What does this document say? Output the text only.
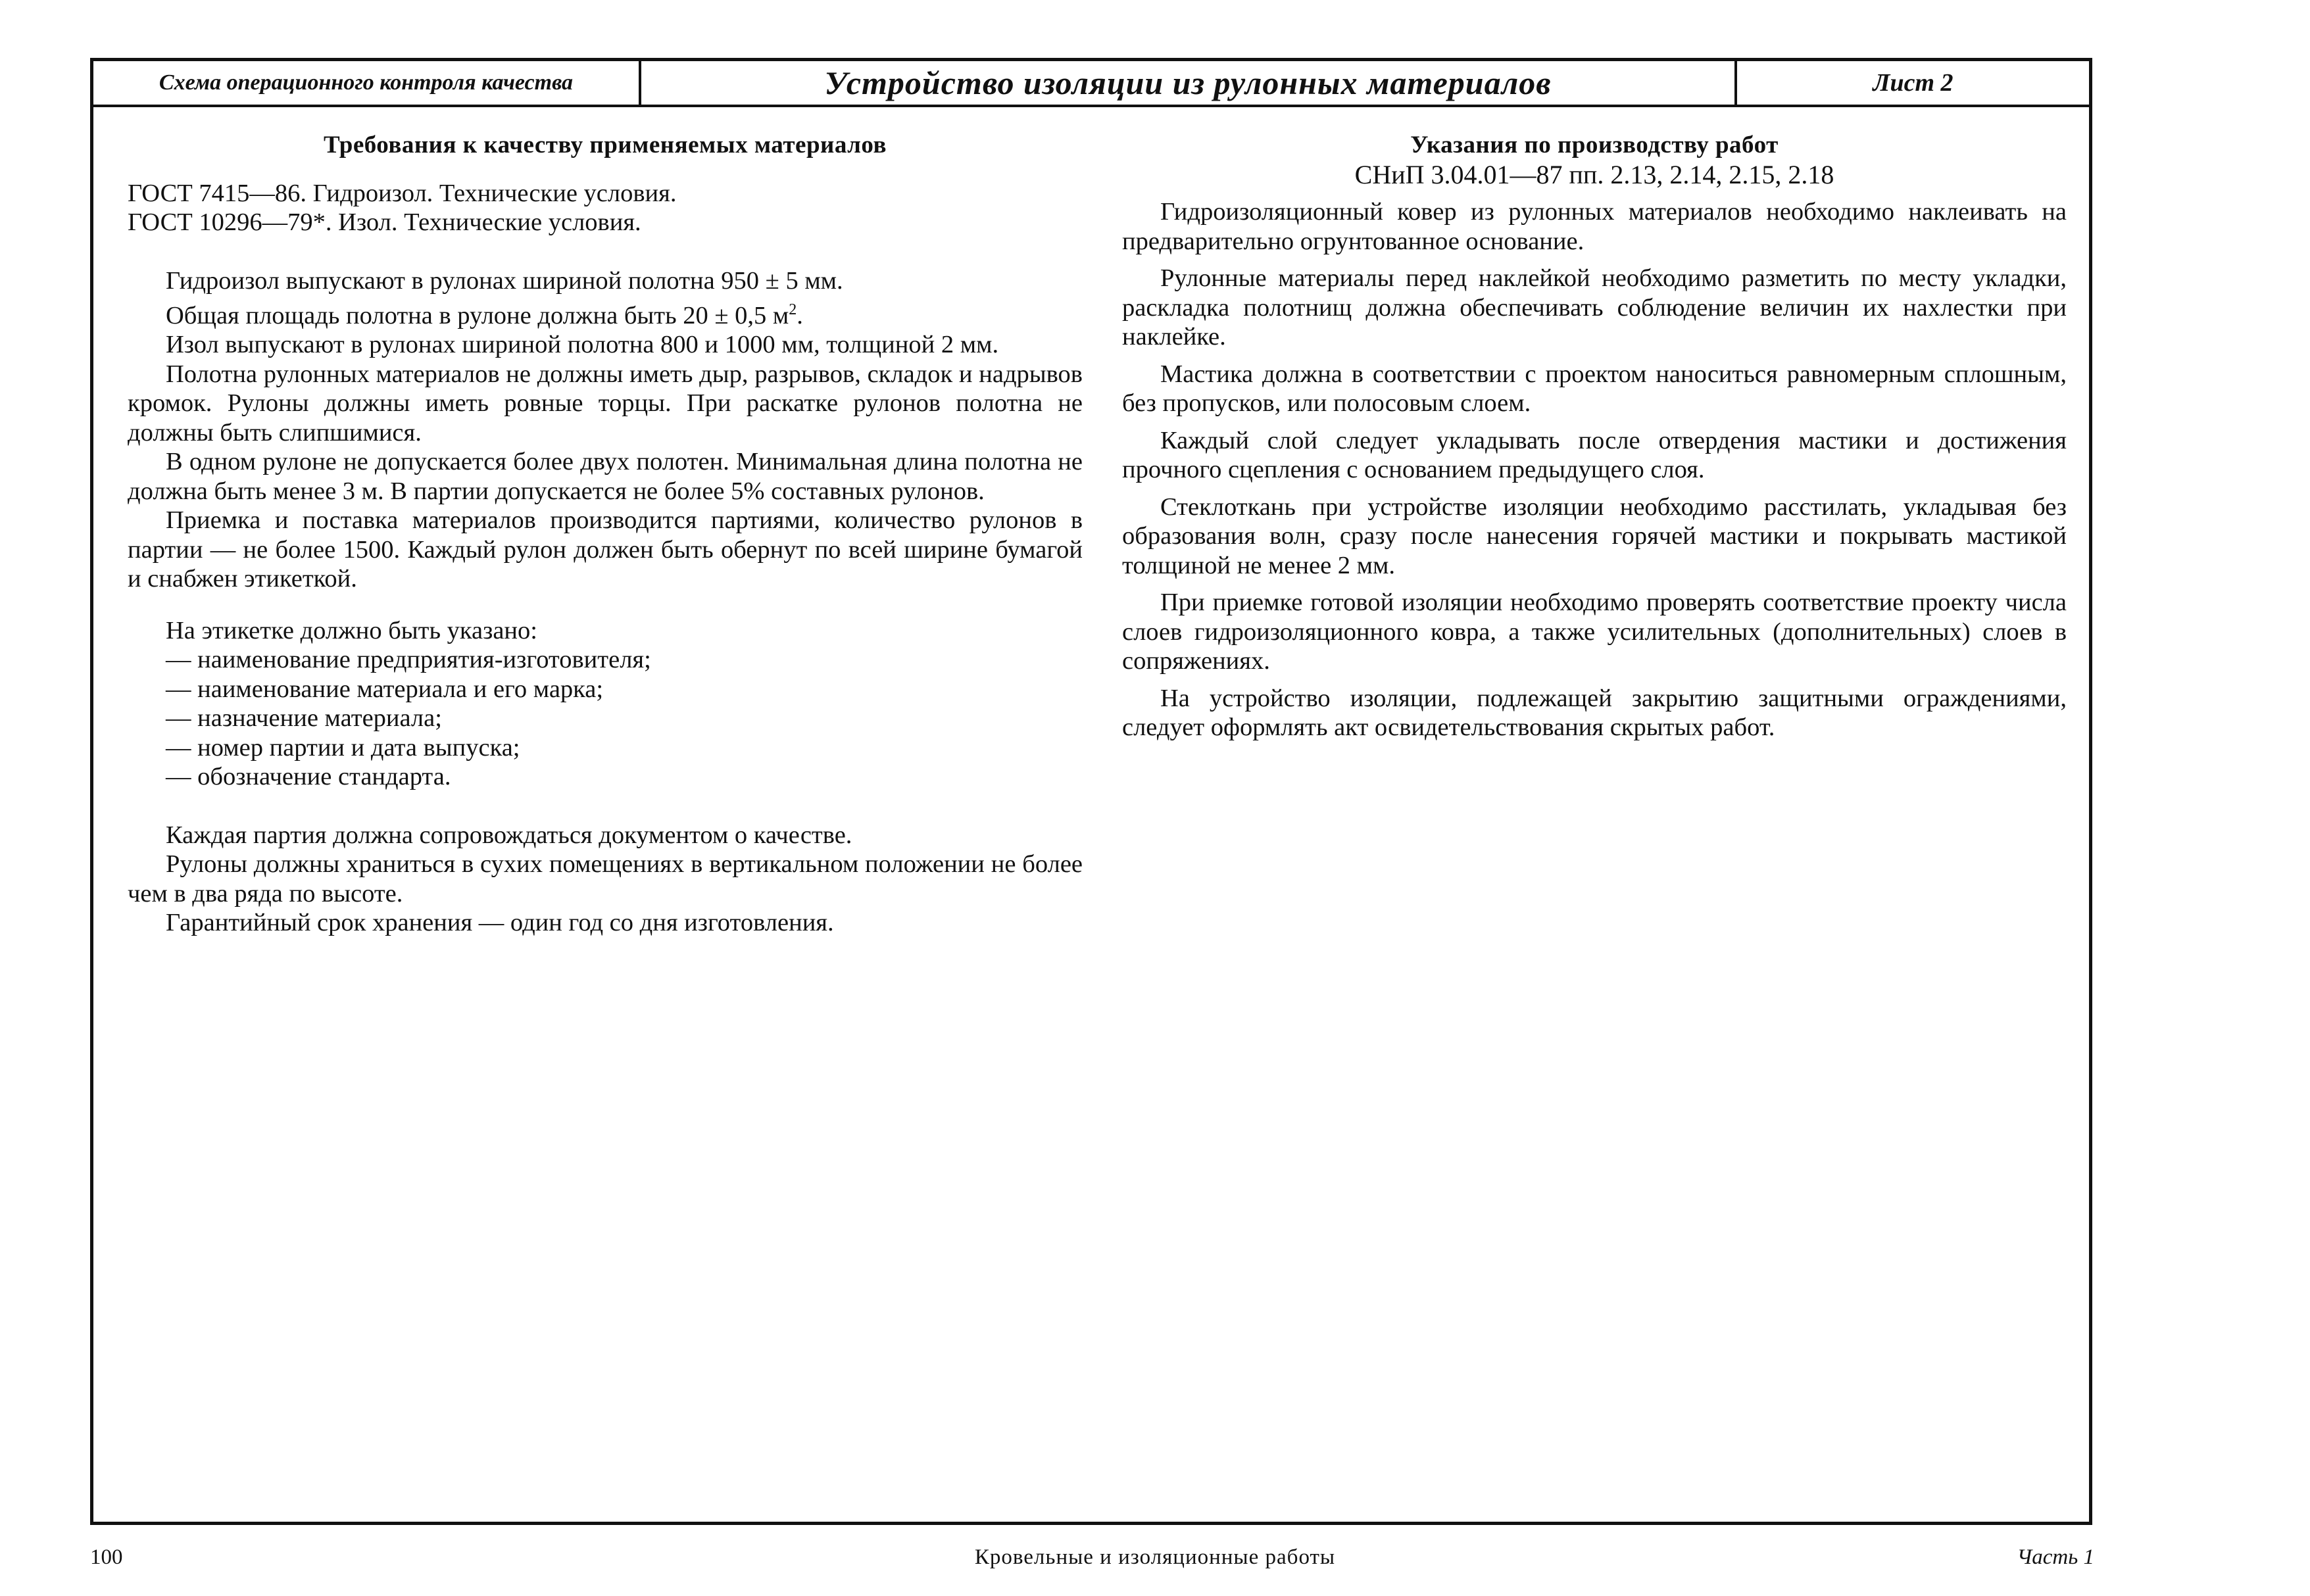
Схема операционного контроля качества	Устройство изоляции из рулонных материалов	Лист 2

Требования к качеству применяемых материалов

ГОСТ 7415—86. Гидроизол. Технические условия.

ГОСТ 10296—79*. Изол. Технические условия.

Гидроизол выпускают в рулонах шириной полотна 950 ± 5 мм.

Общая площадь полотна в рулоне должна быть 20 ± 0,5 $м^2$.

Изол выпускают в рулонах шириной полотна 800 и 1000 мм, толщиной 2 мм.

Полотна рулонных материалов не должны иметь дыр, разрывов, складок и надрывов кромок. Рулоны должны иметь ровные торцы. При раскатке рулонов полотна не должны быть слипшимися.

В одном рулоне не допускается более двух полотен. Минимальная длина полотна не должна быть менее 3 м. В партии допускается не более 5% составных рулонов.

Приемка и поставка материалов производится партиями, количество рулонов в партии — не более 1500. Каждый рулон должен быть обернут по всей ширине бумагой и снабжен этикеткой.

На этикетке должно быть указано:

— наименование предприятия-изготовителя;

— наименование материала и его марка;

— назначение материала;

— номер партии и дата выпуска;

— обозначение стандарта.

Каждая партия должна сопровождаться документом о качестве.

Рулоны должны храниться в сухих помещениях в вертикальном положении не более чем в два ряда по высоте.

Гарантийный срок хранения — один год со дня изготовления.

Указания по производству работ

СНиП 3.04.01—87 пп. 2.13, 2.14, 2.15, 2.18

Гидроизоляционный ковер из рулонных материалов необходимо наклеивать на предварительно огрунтованное основание.

Рулонные материалы перед наклейкой необходимо разметить по месту укладки, раскладка полотнищ должна обеспечивать соблюдение величин их нахлестки при наклейке.

Мастика должна в соответствии с проектом наноситься равномерным сплошным, без пропусков, или полосовым слоем.

Каждый слой следует укладывать после отвердения мастики и достижения прочного сцепления с основанием предыдущего слоя.

Стеклоткань при устройстве изоляции необходимо расстилать, укладывая без образования волн, сразу после нанесения горячей мастики и покрывать мастикой толщиной не менее 2 мм.

При приемке готовой изоляции необходимо проверять соответствие проекту числа слоев гидроизоляционного ковра, а также усилительных (дополнительных) слоев в сопряжениях.

На устройство изоляции, подлежащей закрытию защитными ограждениями, следует оформлять акт освидетельствования скрытых работ.

100	Кровельные и изоляционные работы	Часть 1
